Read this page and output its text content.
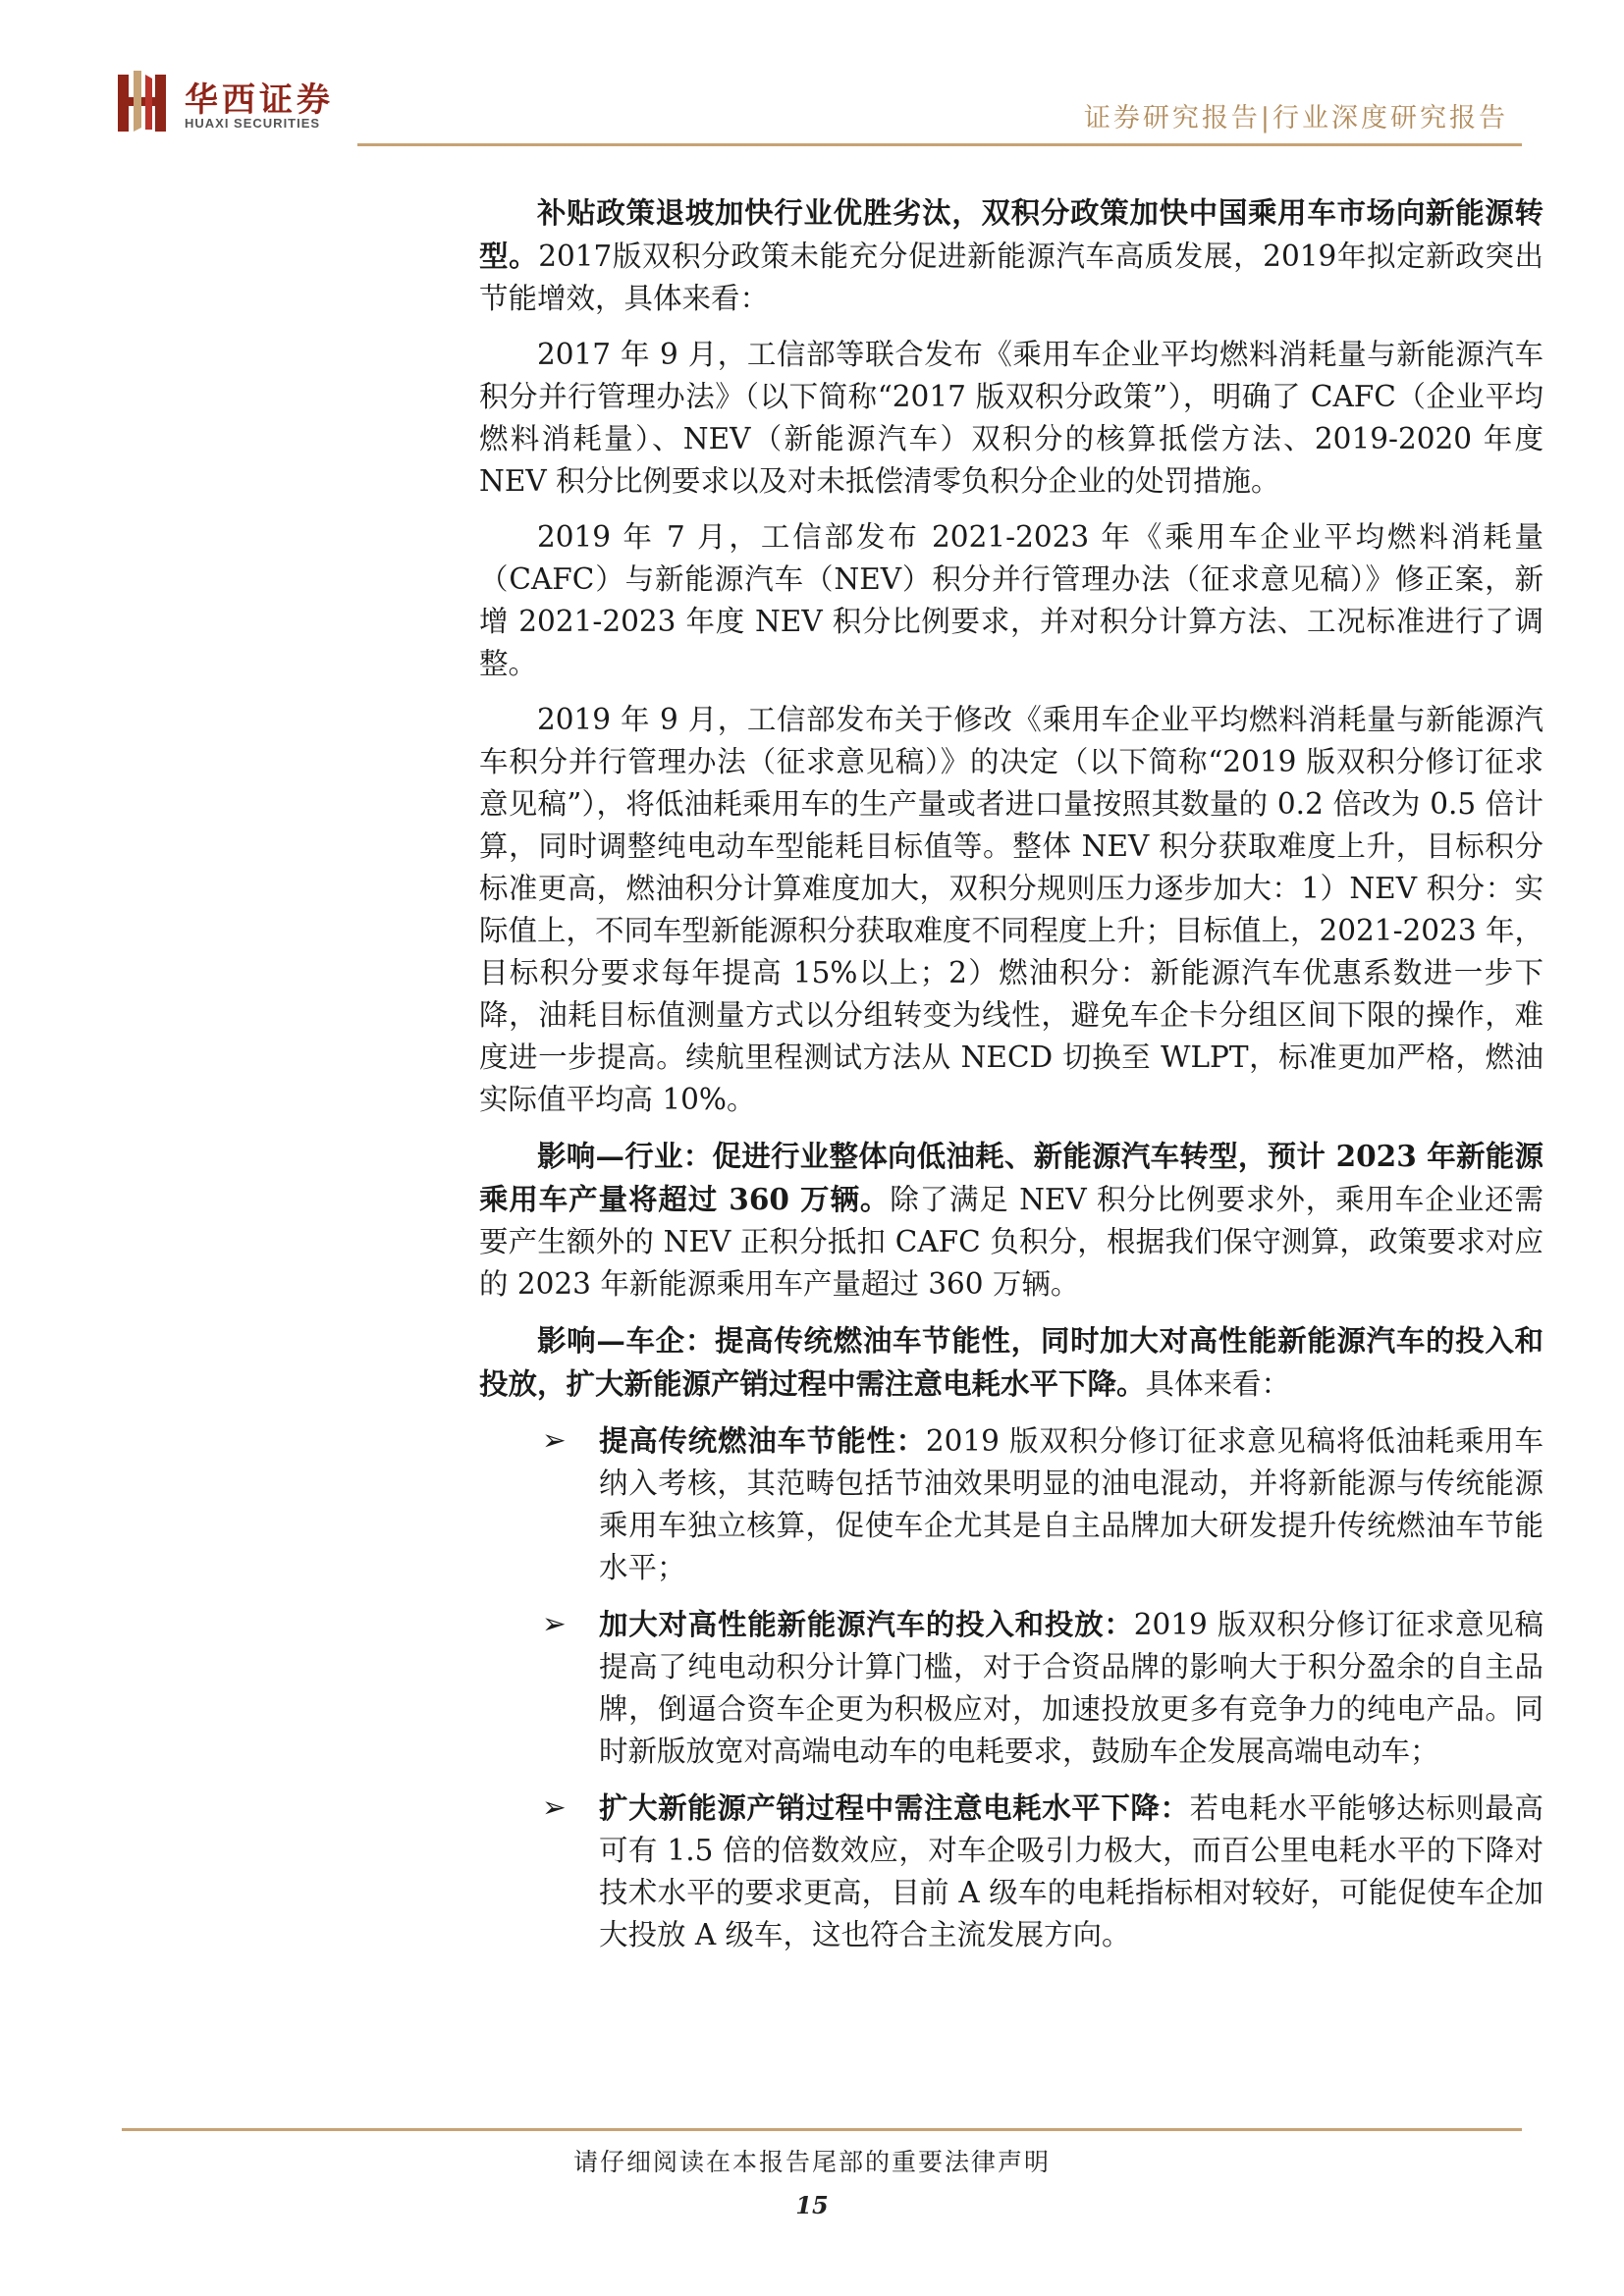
华西证券
HUAXI SECURITIES	证券研究报告|行业深度研究报告

补贴政策退坡加快行业优胜劣汰，双积分政策加快中国乘用车市场向新能源转型。2017版双积分政策未能充分促进新能源汽车高质发展，2019年拟定新政突出节能增效，具体来看：

2017 年 9 月，工信部等联合发布《乘用车企业平均燃料消耗量与新能源汽车积分并行管理办法》（以下简称“2017 版双积分政策”），明确了 CAFC（企业平均燃料消耗量）、NEV（新能源汽车）双积分的核算抵偿方法、2019-2020 年度 NEV 积分比例要求以及对未抵偿清零负积分企业的处罚措施。

2019 年 7 月，工信部发布 2021-2023 年《乘用车企业平均燃料消耗量（CAFC）与新能源汽车（NEV）积分并行管理办法（征求意见稿）》修正案，新增 2021-2023 年度 NEV 积分比例要求，并对积分计算方法、工况标准进行了调整。

2019 年 9 月，工信部发布关于修改《乘用车企业平均燃料消耗量与新能源汽车积分并行管理办法（征求意见稿）》的决定（以下简称“2019 版双积分修订征求意见稿”），将低油耗乘用车的生产量或者进口量按照其数量的 0.2 倍改为 0.5 倍计算，同时调整纯电动车型能耗目标值等。整体 NEV 积分获取难度上升，目标积分标准更高，燃油积分计算难度加大，双积分规则压力逐步加大：1）NEV 积分：实际值上，不同车型新能源积分获取难度不同程度上升；目标值上，2021-2023 年，目标积分要求每年提高 15%以上；2）燃油积分：新能源汽车优惠系数进一步下降，油耗目标值测量方式以分组转变为线性，避免车企卡分组区间下限的操作，难度进一步提高。续航里程测试方法从 NECD 切换至 WLPT，标准更加严格，燃油实际值平均高 10%。

影响—行业：促进行业整体向低油耗、新能源汽车转型，预计 2023 年新能源乘用车产量将超过 360 万辆。除了满足 NEV 积分比例要求外，乘用车企业还需要产生额外的 NEV 正积分抵扣 CAFC 负积分，根据我们保守测算，政策要求对应的 2023 年新能源乘用车产量超过 360 万辆。

影响—车企：提高传统燃油车节能性，同时加大对高性能新能源汽车的投入和投放，扩大新能源产销过程中需注意电耗水平下降。具体来看：

➢ 提高传统燃油车节能性：2019 版双积分修订征求意见稿将低油耗乘用车纳入考核，其范畴包括节油效果明显的油电混动，并将新能源与传统能源乘用车独立核算，促使车企尤其是自主品牌加大研发提升传统燃油车节能水平；
➢ 加大对高性能新能源汽车的投入和投放：2019 版双积分修订征求意见稿提高了纯电动积分计算门槛，对于合资品牌的影响大于积分盈余的自主品牌，倒逼合资车企更为积极应对，加速投放更多有竞争力的纯电产品。同时新版放宽对高端电动车的电耗要求，鼓励车企发展高端电动车；
➢ 扩大新能源产销过程中需注意电耗水平下降：若电耗水平能够达标则最高可有 1.5 倍的倍数效应，对车企吸引力极大，而百公里电耗水平的下降对技术水平的要求更高，目前 A 级车的电耗指标相对较好，可能促使车企加大投放 A 级车，这也符合主流发展方向。
请仔细阅读在本报告尾部的重要法律声明
15
